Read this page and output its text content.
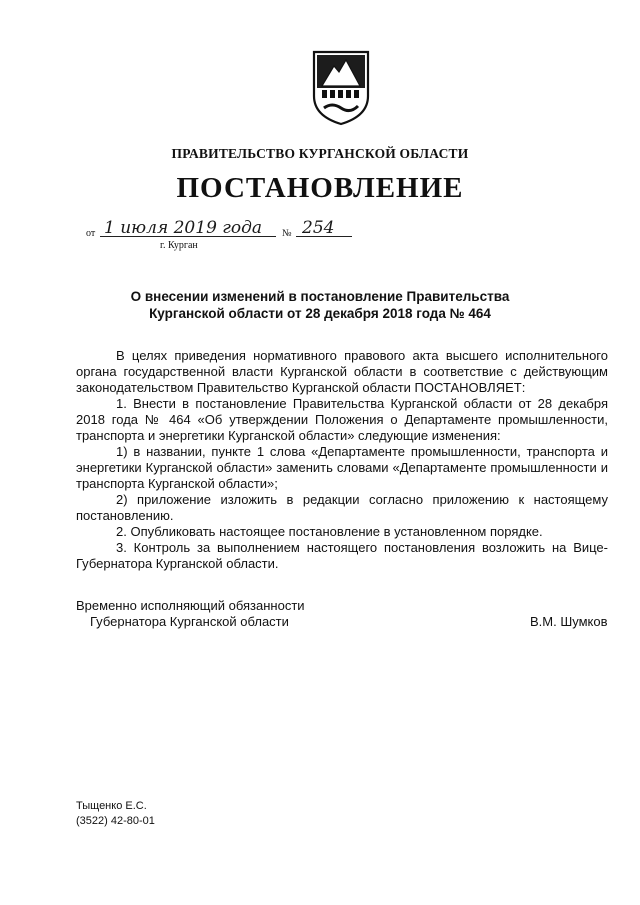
ПРАВИТЕЛЬСТВО КУРГАНСКОЙ ОБЛАСТИ
ПОСТАНОВЛЕНИЕ
от 1 июля 2019 года № 254
г. Курган
О внесении изменений в постановление Правительства
Курганской области от 28 декабря 2018 года № 464

В целях приведения нормативного правового акта высшего исполнительного органа государственной власти Курганской области в соответствие с действующим законодательством Правительство Курганской области ПОСТАНОВЛЯЕТ:

1. Внести в постановление Правительства Курганской области от 28 декабря 2018 года № 464 «Об утверждении Положения о Департаменте промышленности, транспорта и энергетики Курганской области» следующие изменения:

1) в названии, пункте 1 слова «Департаменте промышленности, транспорта и энергетики Курганской области» заменить словами «Департаменте промышленности и транспорта Курганской области»;

2) приложение изложить в редакции согласно приложению к настоящему постановлению.

2. Опубликовать настоящее постановление в установленном порядке.

3. Контроль за выполнением настоящего постановления возложить на Вице-Губернатора Курганской области.

Временно исполняющий обязанности
Губернатора Курганской области	В.М. Шумков
Тыщенко Е.С.
(3522) 42-80-01
